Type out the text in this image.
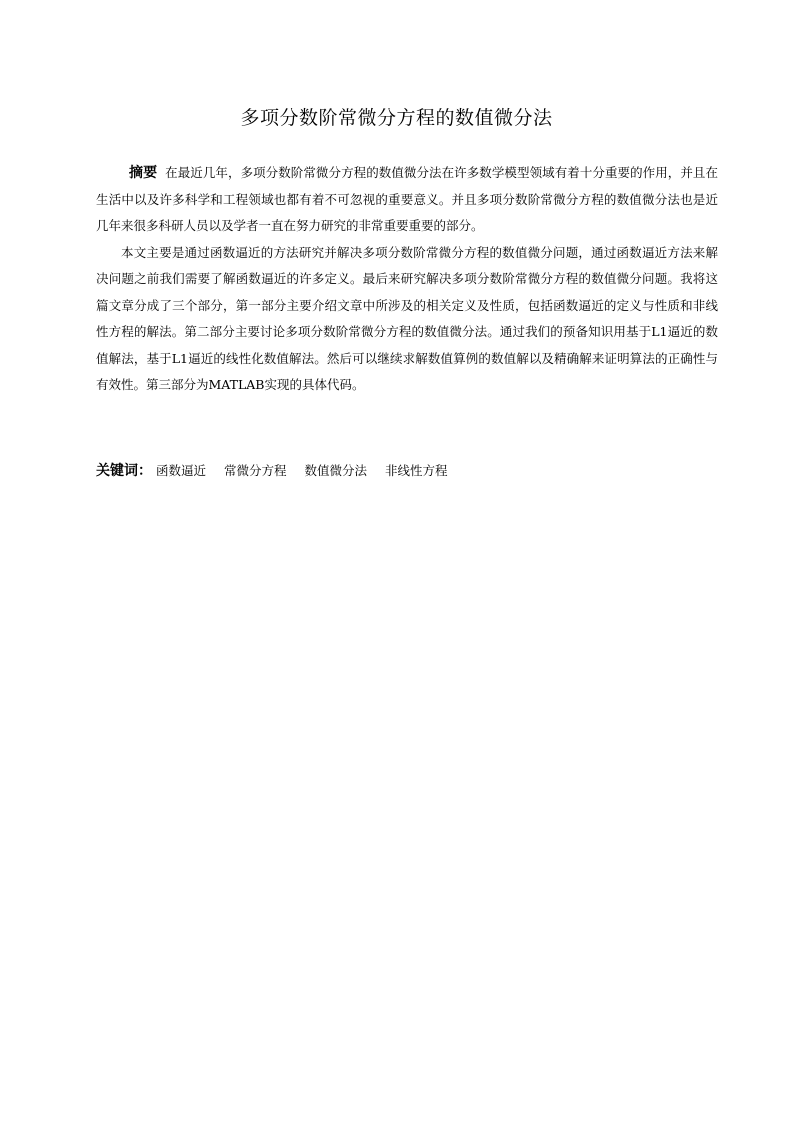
多项分数阶常微分方程的数值微分法

摘要 在最近几年，多项分数阶常微分方程的数值微分法在许多数学模型领域有着十分重要的作用，并且在生活中以及许多科学和工程领域也都有着不可忽视的重要意义。并且多项分数阶常微分方程的数值微分法也是近几年来很多科研人员以及学者一直在努力研究的非常重要重要的部分。

本文主要是通过函数逼近的方法研究并解决多项分数阶常微分方程的数值微分问题，通过函数逼近方法来解决问题之前我们需要了解函数逼近的许多定义。最后来研究解决多项分数阶常微分方程的数值微分问题。我将这篇文章分成了三个部分，第一部分主要介绍文章中所涉及的相关定义及性质，包括函数逼近的定义与性质和非线性方程的解法。第二部分主要讨论多项分数阶常微分方程的数值微分法。通过我们的预备知识用基于L1逼近的数值解法，基于L1逼近的线性化数值解法。然后可以继续求解数值算例的数值解以及精确解来证明算法的正确性与有效性。第三部分为MATLAB实现的具体代码。

关键词： 函数逼近 常微分方程 数值微分法 非线性方程
